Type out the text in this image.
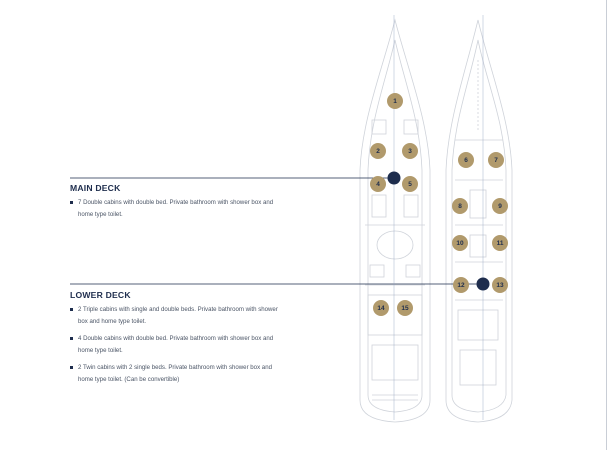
MAIN DECK
7 Double cabins with double bed. Private bathroom with shower box and home type toilet.
LOWER DECK
2 Triple cabins with single and double beds. Private bathroom with shower box and home type toilet.
4 Double cabins with double bed. Private bathroom with shower box and home type toilet.
2 Twin cabins with 2 single beds. Private bathroom with shower box and home type toilet. (Can be convertible)
1
2	3
4	5
6	7
8	9
10	11
12	13
14	15
